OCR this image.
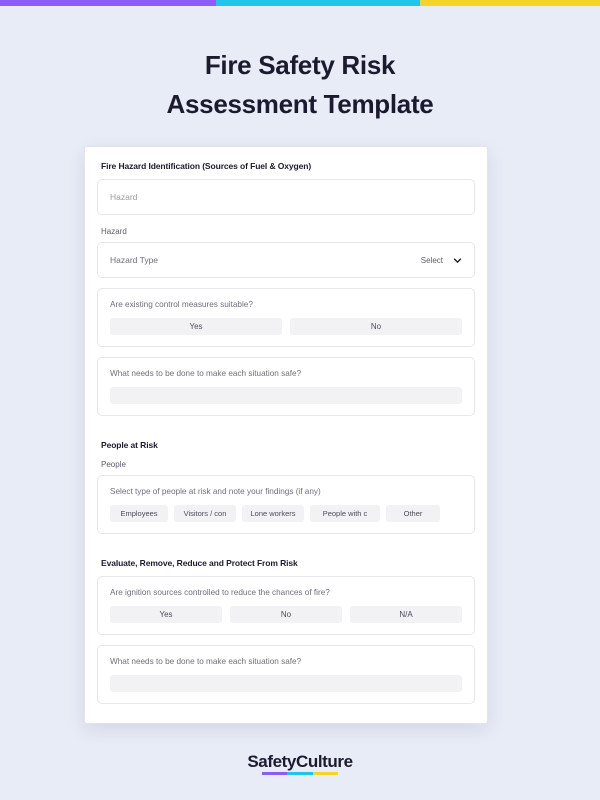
Fire Safety Risk
Assessment Template
Fire Hazard Identification (Sources of Fuel & Oxygen)
Hazard
Hazard
Hazard Type	Select
Are existing control measures suitable?
Yes	No
What needs to be done to make each situation safe?
People at Risk
People
Select type of people at risk and note your findings (if any)
Employees	Visitors / con	Lone workers	People with c	Other
Evaluate, Remove, Reduce and Protect From Risk
Are ignition sources controlled to reduce the chances of fire?
Yes	No	N/A
What needs to be done to make each situation safe?
SafetyCulture
